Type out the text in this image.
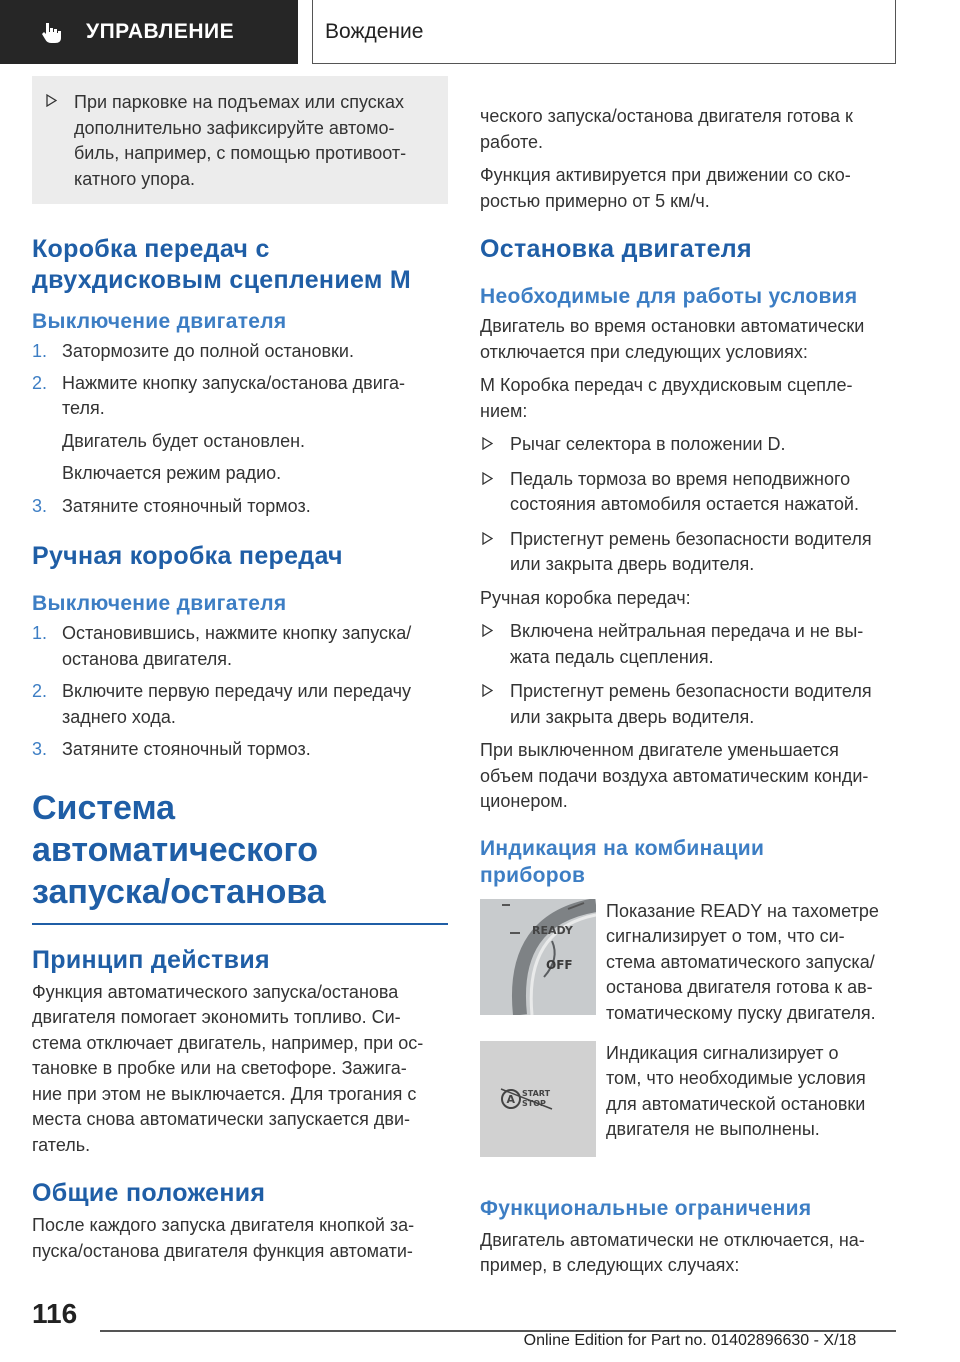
УПРАВЛЕНИЕ	Вождение
При парковке на подъемах или спусках
дополнительно зафиксируйте автомо-
биль, например, с помощью противоот-
катного упора.
Коробка передач с
двухдисковым сцеплением M
Выключение двигателя
1. Затормозите до полной остановки.
2. Нажмите кнопку запуска/останова двига-
теля.
Двигатель будет остановлен.
Включается режим радио.
3. Затяните стояночный тормоз.
Ручная коробка передач
Выключение двигателя
1. Остановившись, нажмите кнопку запуска/
останова двигателя.
2. Включите первую передачу или передачу
заднего хода.
3. Затяните стояночный тормоз.
Система автоматического
запуска/останова
Принцип действия
Функция автоматического запуска/останова
двигателя помогает экономить топливо. Си-
стема отключает двигатель, например, при ос-
тановке в пробке или на светофоре. Зажига-
ние при этом не выключается. Для трогания с
места снова автоматически запускается дви-
гатель.
Общие положения
После каждого запуска двигателя кнопкой за-
пуска/останова двигателя функция автомати-
ческого запуска/останова двигателя готова к
работе.
Функция активируется при движении со ско-
ростью примерно от 5 км/ч.
Остановка двигателя
Необходимые для работы условия
Двигатель во время остановки автоматически
отключается при следующих условиях:
M Коробка передач с двухдисковым сцепле-
нием:
Рычаг селектора в положении D.
Педаль тормоза во время неподвижного
состояния автомобиля остается нажатой.
Пристегнут ремень безопасности водителя
или закрыта дверь водителя.
Ручная коробка передач:
Включена нейтральная передача и не вы-
жата педаль сцепления.
Пристегнут ремень безопасности водителя
или закрыта дверь водителя.
При выключенном двигателе уменьшается
объем подачи воздуха автоматическим конди-
ционером.
Индикация на комбинации
приборов
READY
OFF
Показание READY на тахометре
сигнализирует о том, что си-
стема автоматического запуска/
останова двигателя готова к ав-
томатическому пуску двигателя.
A START
STOP
Индикация сигнализирует о
том, что необходимые условия
для автоматической остановки
двигателя не выполнены.
Функциональные ограничения
Двигатель автоматически не отключается, на-
пример, в следующих случаях:
116
Online Edition for Part no. 01402896630 - X/18
